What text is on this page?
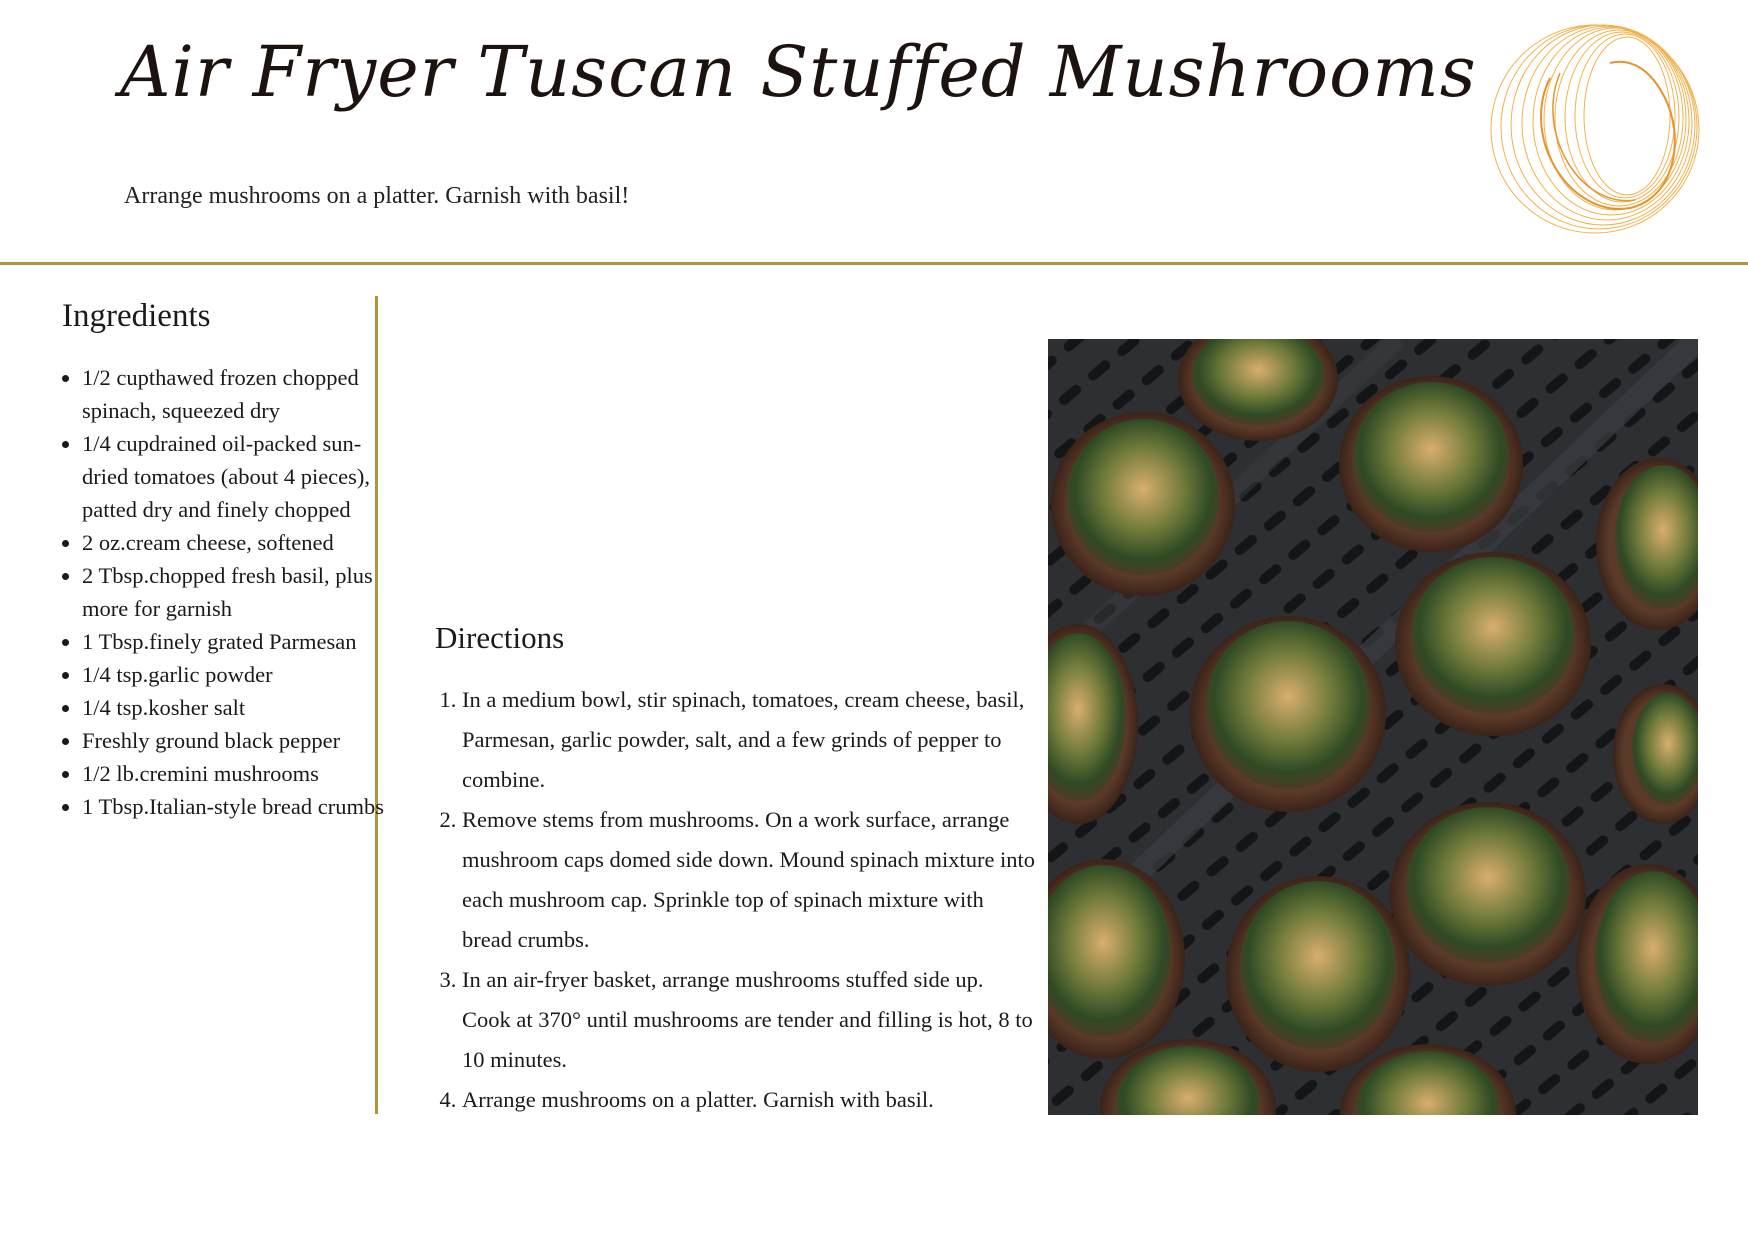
Air Fryer Tuscan Stuffed Mushrooms
Arrange mushrooms on a platter. Garnish with basil!
Ingredients
• 1/2 cupthawed frozen chopped spinach, squeezed dry
• 1/4 cupdrained oil-packed sun-dried tomatoes (about 4 pieces), patted dry and finely chopped
• 2 oz.cream cheese, softened
• 2 Tbsp.chopped fresh basil, plus more for garnish
• 1 Tbsp.finely grated Parmesan
• 1/4 tsp.garlic powder
• 1/4 tsp.kosher salt
• Freshly ground black pepper
• 1/2 lb.cremini mushrooms
• 1 Tbsp.Italian-style bread crumbs
Directions
1. In a medium bowl, stir spinach, tomatoes, cream cheese, basil, Parmesan, garlic powder, salt, and a few grinds of pepper to combine.
2. Remove stems from mushrooms. On a work surface, arrange mushroom caps domed side down. Mound spinach mixture into each mushroom cap. Sprinkle top of spinach mixture with bread crumbs.
3. In an air-fryer basket, arrange mushrooms stuffed side up. Cook at 370° until mushrooms are tender and filling is hot, 8 to 10 minutes.
4. Arrange mushrooms on a platter. Garnish with basil.
